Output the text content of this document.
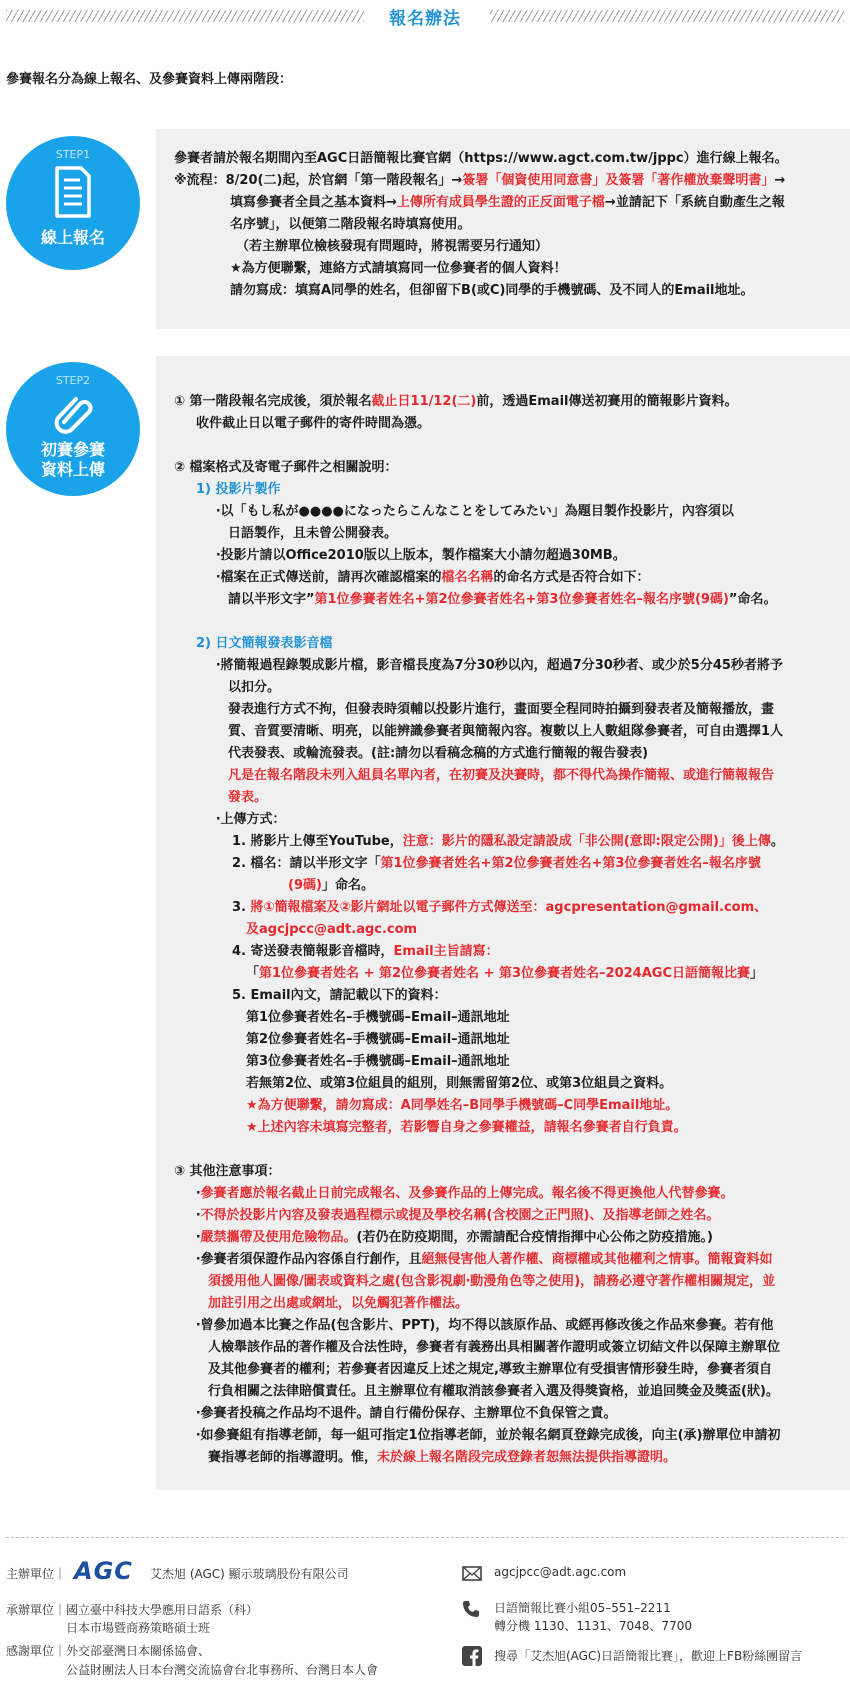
報名辦法
參賽報名分為線上報名、及參賽資料上傳兩階段：
STEP1
線上報名
參賽者請於報名期間內至AGC日語簡報比賽官網（https://www.agct.com.tw/jppc）進行線上報名。
※流程：8/20(二)起，於官網「第一階段報名」→簽署「個資使用同意書」及簽署「著作權放棄聲明書」→
填寫參賽者全員之基本資料→上傳所有成員學生證的正反面電子檔→並請記下「系統自動產生之報
名序號」，以便第二階段報名時填寫使用。
（若主辦單位檢核發現有問題時，將視需要另行通知）
★為方便聯繫，連絡方式請填寫同一位參賽者的個人資料！
請勿寫成：填寫A同學的姓名，但卻留下B(或C)同學的手機號碼、及不同人的Email地址。
STEP2
初賽參賽
資料上傳
① 第一階段報名完成後，須於報名截止日11/12(二)前，透過Email傳送初賽用的簡報影片資料。
收件截止日以電子郵件的寄件時間為憑。
② 檔案格式及寄電子郵件之相關說明：
1) 投影片製作
‧以「もし私が●●●●になったらこんなことをしてみたい」為題目製作投影片，內容須以
日語製作，且未曾公開發表。
‧投影片請以Office2010版以上版本，製作檔案大小請勿超過30MB。
‧檔案在正式傳送前，請再次確認檔案的檔名名稱的命名方式是否符合如下：
請以半形文字”第1位參賽者姓名+第2位參賽者姓名+第3位參賽者姓名–報名序號(9碼)”命名。
2) 日文簡報發表影音檔
‧將簡報過程錄製成影片檔，影音檔長度為7分30秒以內，超過7分30秒者、或少於5分45秒者將予
以扣分。
發表進行方式不拘，但發表時須輔以投影片進行，畫面要全程同時拍攝到發表者及簡報播放，畫
質、音質要清晰、明亮，以能辨識參賽者與簡報內容。複數以上人數組隊參賽者，可自由選擇1人
代表發表、或輪流發表。(註:請勿以看稿念稿的方式進行簡報的報告發表)
凡是在報名階段未列入組員名單內者，在初賽及決賽時，都不得代為操作簡報、或進行簡報報告
發表。
‧上傳方式：
1. 將影片上傳至YouTube，注意：影片的隱私設定請設成「非公開(意即:限定公開)」後上傳。
2. 檔名：請以半形文字「第1位參賽者姓名+第2位參賽者姓名+第3位參賽者姓名–報名序號
(9碼)」命名。
3. 將①簡報檔案及②影片網址以電子郵件方式傳送至：agcpresentation@gmail.com、
及agcjpcc@adt.agc.com
4. 寄送發表簡報影音檔時，Email主旨請寫：
「第1位參賽者姓名 + 第2位參賽者姓名 + 第3位參賽者姓名–2024AGC日語簡報比賽」
5. Email內文，請記載以下的資料：
第1位參賽者姓名–手機號碼–Email–通訊地址
第2位參賽者姓名–手機號碼–Email–通訊地址
第3位參賽者姓名–手機號碼–Email–通訊地址
若無第2位、或第3位組員的組別，則無需留第2位、或第3位組員之資料。
★為方便聯繫，請勿寫成：A同學姓名–B同學手機號碼–C同學Email地址。
★上述內容未填寫完整者，若影響自身之參賽權益，請報名參賽者自行負責。
③ 其他注意事項：
‧參賽者應於報名截止日前完成報名、及參賽作品的上傳完成。報名後不得更換他人代替參賽。
‧不得於投影片內容及發表過程標示或提及學校名稱(含校園之正門照)、及指導老師之姓名。
‧嚴禁攜帶及使用危險物品。(若仍在防疫期間，亦需請配合疫情指揮中心公佈之防疫措施。)
‧參賽者須保證作品內容係自行創作，且絕無侵害他人著作權、商標權或其他權利之情事。簡報資料如
須援用他人圖像/圖表或資料之處(包含影視劇‧動漫角色等之使用)，請務必遵守著作權相關規定，並
加註引用之出處或網址，以免觸犯著作權法。
‧曾參加過本比賽之作品(包含影片、PPT)，均不得以該原作品、或經再修改後之作品來參賽。若有他
人檢舉該作品的著作權及合法性時，參賽者有義務出具相關著作證明或簽立切結文件以保障主辦單位
及其他參賽者的權利；若參賽者因違反上述之規定,導致主辦單位有受損害情形發生時，參賽者須自
行負相關之法律賠償責任。且主辦單位有權取消該參賽者入選及得獎資格，並追回獎金及獎盃(狀)。
‧參賽者投稿之作品均不退件。請自行備份保存、主辦單位不負保管之責。
‧如參賽組有指導老師，每一組可指定1位指導老師，並於報名網頁登錄完成後，向主(承)辦單位申請初
賽指導老師的指導證明。惟，未於線上報名階段完成登錄者恕無法提供指導證明。
主辦單位｜ AGC 艾杰旭 (AGC) 顯示玻璃股份有限公司
承辦單位｜ 國立臺中科技大學應用日語系（科）
日本市場暨商務策略碩士班
感謝單位｜ 外交部臺灣日本關係協會、
公益財團法人日本台灣交流協會台北事務所、台灣日本人會
agcjpcc@adt.agc.com
日語簡報比賽小組05–551–2211
轉分機 1130、1131、7048、7700
搜尋「艾杰旭(AGC)日語簡報比賽」，歡迎上FB粉絲團留言
